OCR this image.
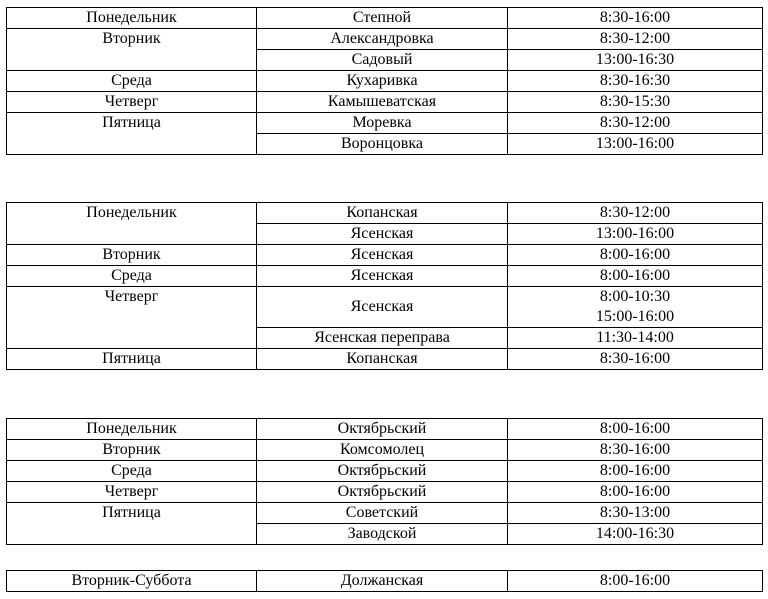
Понедельник	Степной	8:30-16:00
Вторник	Александровка	8:30-12:00
	Садовый	13:00-16:30
Среда	Кухаривка	8:30-16:30
Четверг	Камышеватская	8:30-15:30
Пятница	Моревка	8:30-12:00
	Воронцовка	13:00-16:00
Понедельник	Копанская	8:30-12:00
	Ясенская	13:00-16:00
Вторник	Ясенская	8:00-16:00
Среда	Ясенская	8:00-16:00
Четверг	Ясенская	8:00-10:30
15:00-16:00

	Ясенская переправа	11:30-14:00
Пятница	Копанская	8:30-16:00
Понедельник	Октябрьский	8:00-16:00
Вторник	Комсомолец	8:30-16:00
Среда	Октябрьский	8:00-16:00
Четверг	Октябрьский	8:00-16:00
Пятница	Советский	8:30-13:00
	Заводской	14:00-16:30
Вторник-Суббота	Должанская	8:00-16:00
